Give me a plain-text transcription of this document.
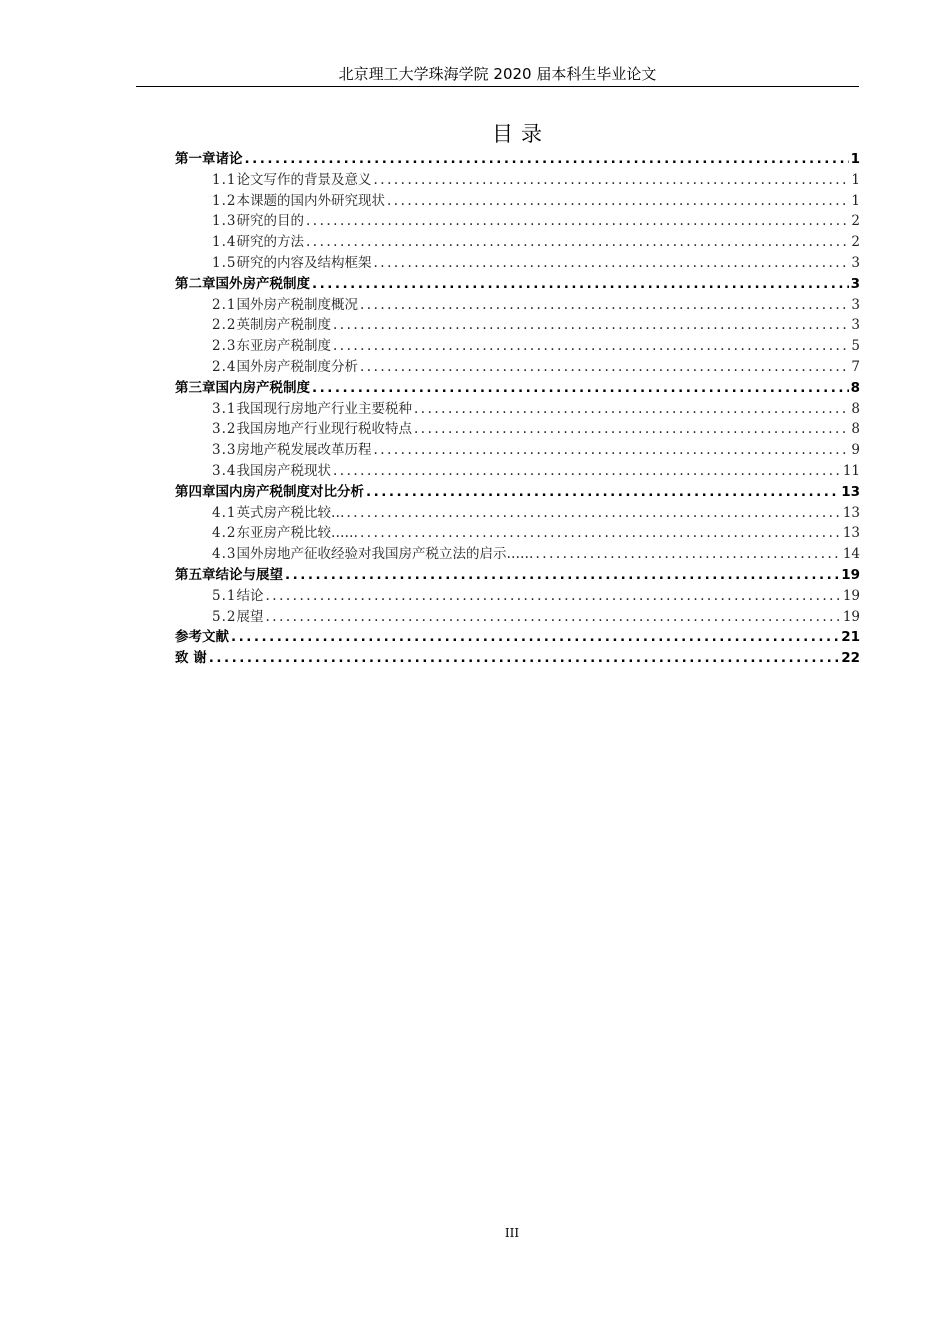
北京理工大学珠海学院 2020 届本科生毕业论文
目录
第一章 诸论 .....	1
1.1 论文写作的背景及意义 .....	1
1.2 本课题的国内外研究现状 .....	1
1.3 研究的目的 .....	2
1.4 研究的方法 .....	2
1.5 研究的内容及结构框架 .....	3
第二章 国外房产税制度 .....	3
2.1 国外房产税制度概况 .....	3
2.2 英制房产税制度 .....	3
2.3 东亚房产税制度 .....	5
2.4 国外房产税制度分析 .....	7
第三章 国内房产税制度 .....	8
3.1 我国现行房地产行业主要税种 .....	8
3.2 我国房地产行业现行税收特点 .....	8
3.3 房地产税发展改革历程 .....	9
3.4 我国房产税现状 .....	11
第四章 国内房产税制度对比分析 .....	13
4.1 英式房产税比较… .....	13
4.2 东亚房产税比较…… .....	13
4.3 国外房地产征收经验对我国房产税立法的启示…… .....	14
第五章 结论与展望 .....	19
5.1 结论 .....	19
5.2 展望 .....	19
参考文献 .....	21
致 谢 .....	22
III
